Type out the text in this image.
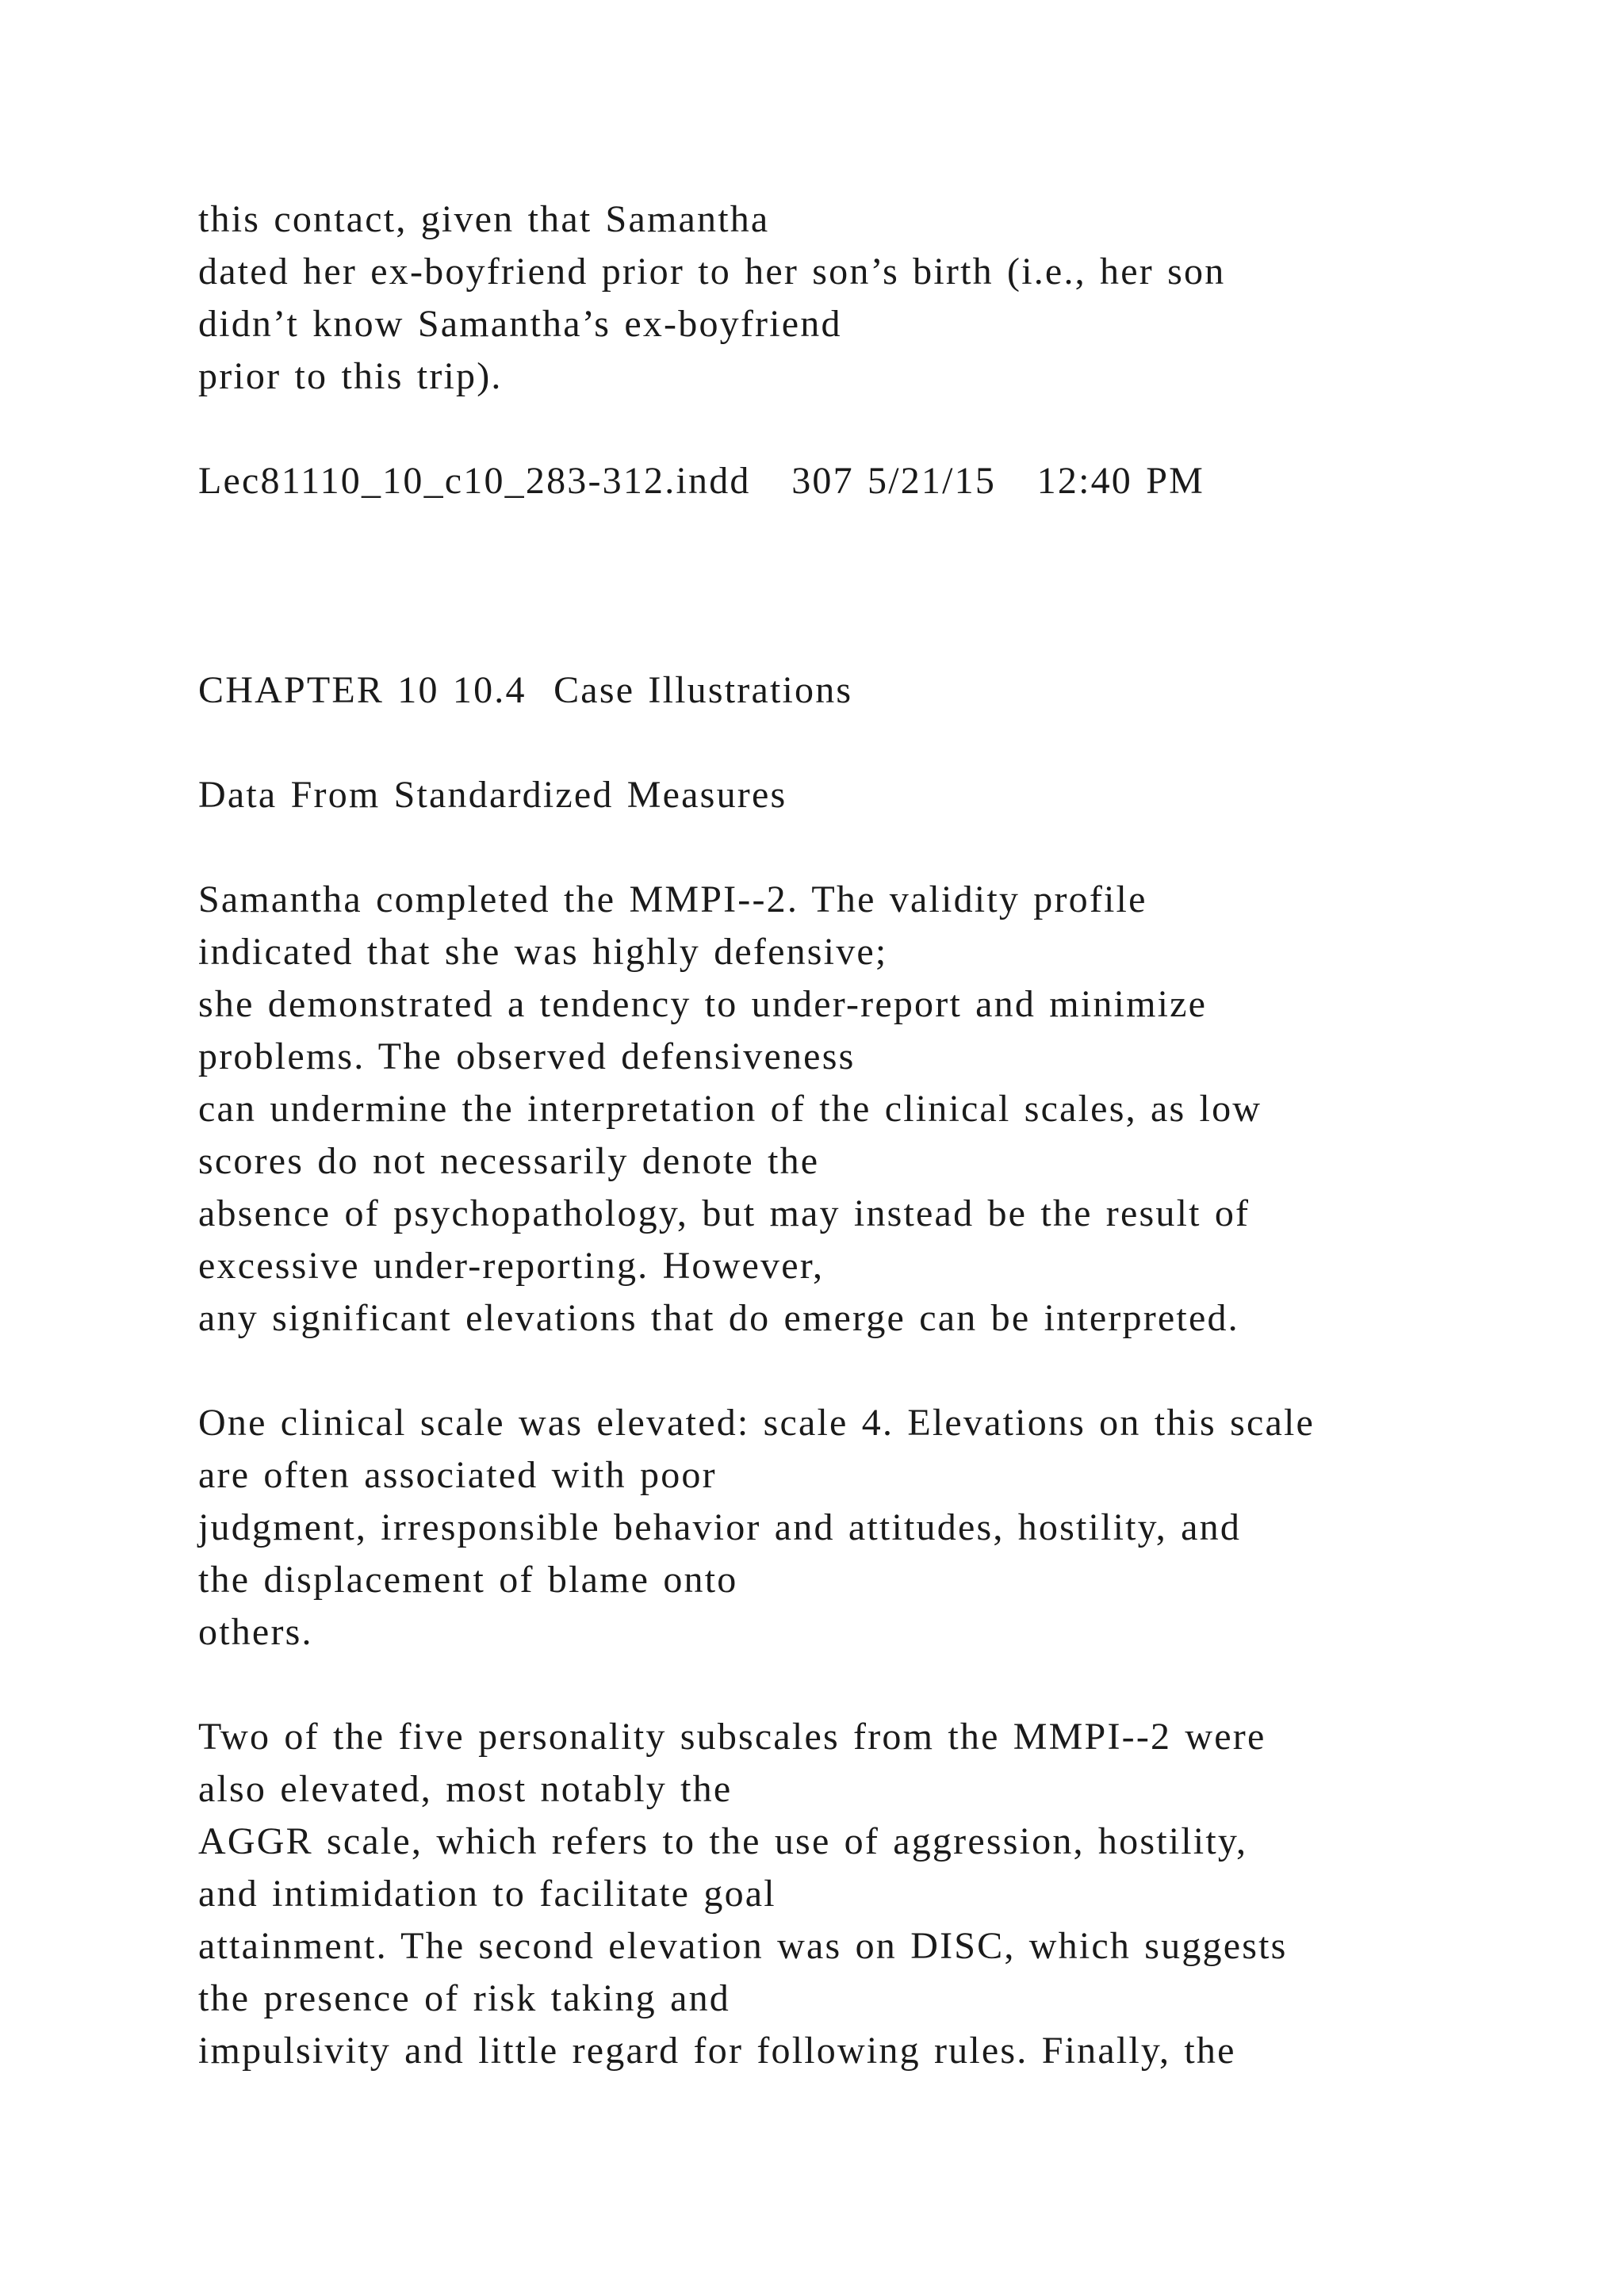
this contact, given that Samantha
dated her ex-boyfriend prior to her son’s birth (i.e., her son
didn’t know Samantha’s ex-boyfriend
prior to this trip).
Lec81110_10_c10_283-312.indd   307 5/21/15   12:40 PM
CHAPTER 10 10.4  Case Illustrations
Data From Standardized Measures
Samantha completed the MMPI--2. The validity profile
indicated that she was highly defensive;
she demonstrated a tendency to under-report and minimize
problems. The observed defensiveness
can undermine the interpretation of the clinical scales, as low
scores do not necessarily denote the
absence of psychopathology, but may instead be the result of
excessive under-reporting. However,
any significant elevations that do emerge can be interpreted.
One clinical scale was elevated: scale 4. Elevations on this scale
are often associated with poor
judgment, irresponsible behavior and attitudes, hostility, and
the displacement of blame onto
others.
Two of the five personality subscales from the MMPI--2 were
also elevated, most notably the
AGGR scale, which refers to the use of aggression, hostility,
and intimidation to facilitate goal
attainment. The second elevation was on DISC, which suggests
the presence of risk taking and
impulsivity and little regard for following rules. Finally, the
